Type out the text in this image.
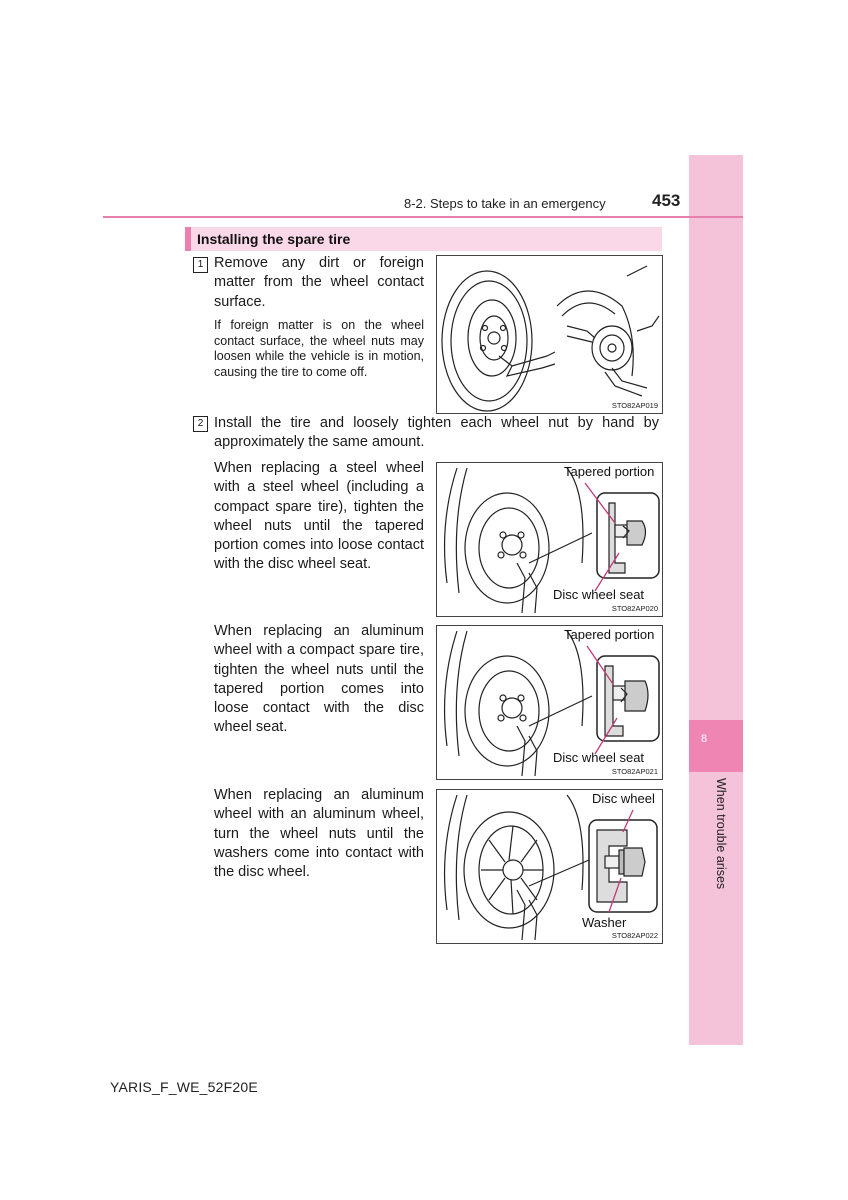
8
When trouble arises
8-2. Steps to take in an emergency	453
Installing the spare tire
1 Remove any dirt or foreign matter from the wheel contact surface.
If foreign matter is on the wheel contact surface, the wheel nuts may loosen while the vehicle is in motion, causing the tire to come off.
STO82AP019
2 Install the tire and loosely tighten each wheel nut by hand by approximately the same amount.
When replacing a steel wheel with a steel wheel (including a compact spare tire), tighten the wheel nuts until the tapered portion comes into loose contact with the disc wheel seat.
Tapered portion
Disc wheel seat
STO82AP020
When replacing an aluminum wheel with a compact spare tire, tighten the wheel nuts until the tapered portion comes into loose contact with the disc wheel seat.
Tapered portion
Disc wheel seat
STO82AP021
When replacing an aluminum wheel with an aluminum wheel, turn the wheel nuts until the washers come into contact with the disc wheel.
Disc wheel
Washer
STO82AP022
YARIS_F_WE_52F20E
